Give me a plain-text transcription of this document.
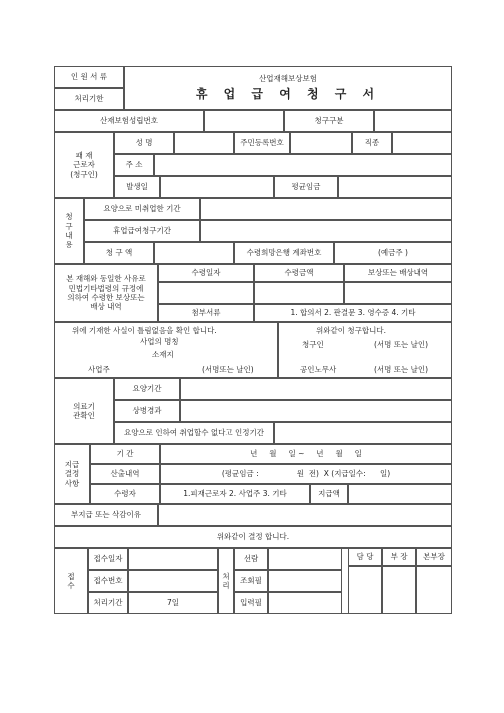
인 원 서 류
처리기한
산업재해보상보험
휴 업 급 여 청 구 서
산재보험성립번호	청구구분
패 재
근로자
(청구인)
성 명	주민등록번호	직종
주 소
발생일	평균임금
청
구
내
용
요양으로 미취업한 기간
휴업급여청구기간
청 구 액	수령희망은행 계좌번호	(예금주 )
본 재해와 동일한 사유로
민법기타법령의 규정에
의하여 수령한 보상또는
배상 내역
수령일자	수령금액	보상또는 배상내역
첨부서류	1. 합의서 2. 판결문 3. 영수증 4. 기타
위에 기재한 사실이 틀림없음을 확인 합니다.
사업의 명칭
소재지
사업주	(서명또는 날인)
위와같이 청구합니다.
청구인	(서명 또는 날인)
공인노무사	(서명 또는 날인)
의료기
관확인
요양기간
상병경과
요양으로 인하여 취업할수 없다고 인정기간
지급
결정
사항
기 간	년     월     일 ~     년     월     일
산출내역	(평균임금 :                원  전)  X (지급일수:      일)
수령자	1.피재근로자 2. 사업주 3. 기타	지급액
부지급 또는 삭감이유
위와같이 결정 합니다.
접
수
접수일자
접수번호
처리기간	7일
처
리
선람
조회필
입력필
담 당 부 장 본부장
